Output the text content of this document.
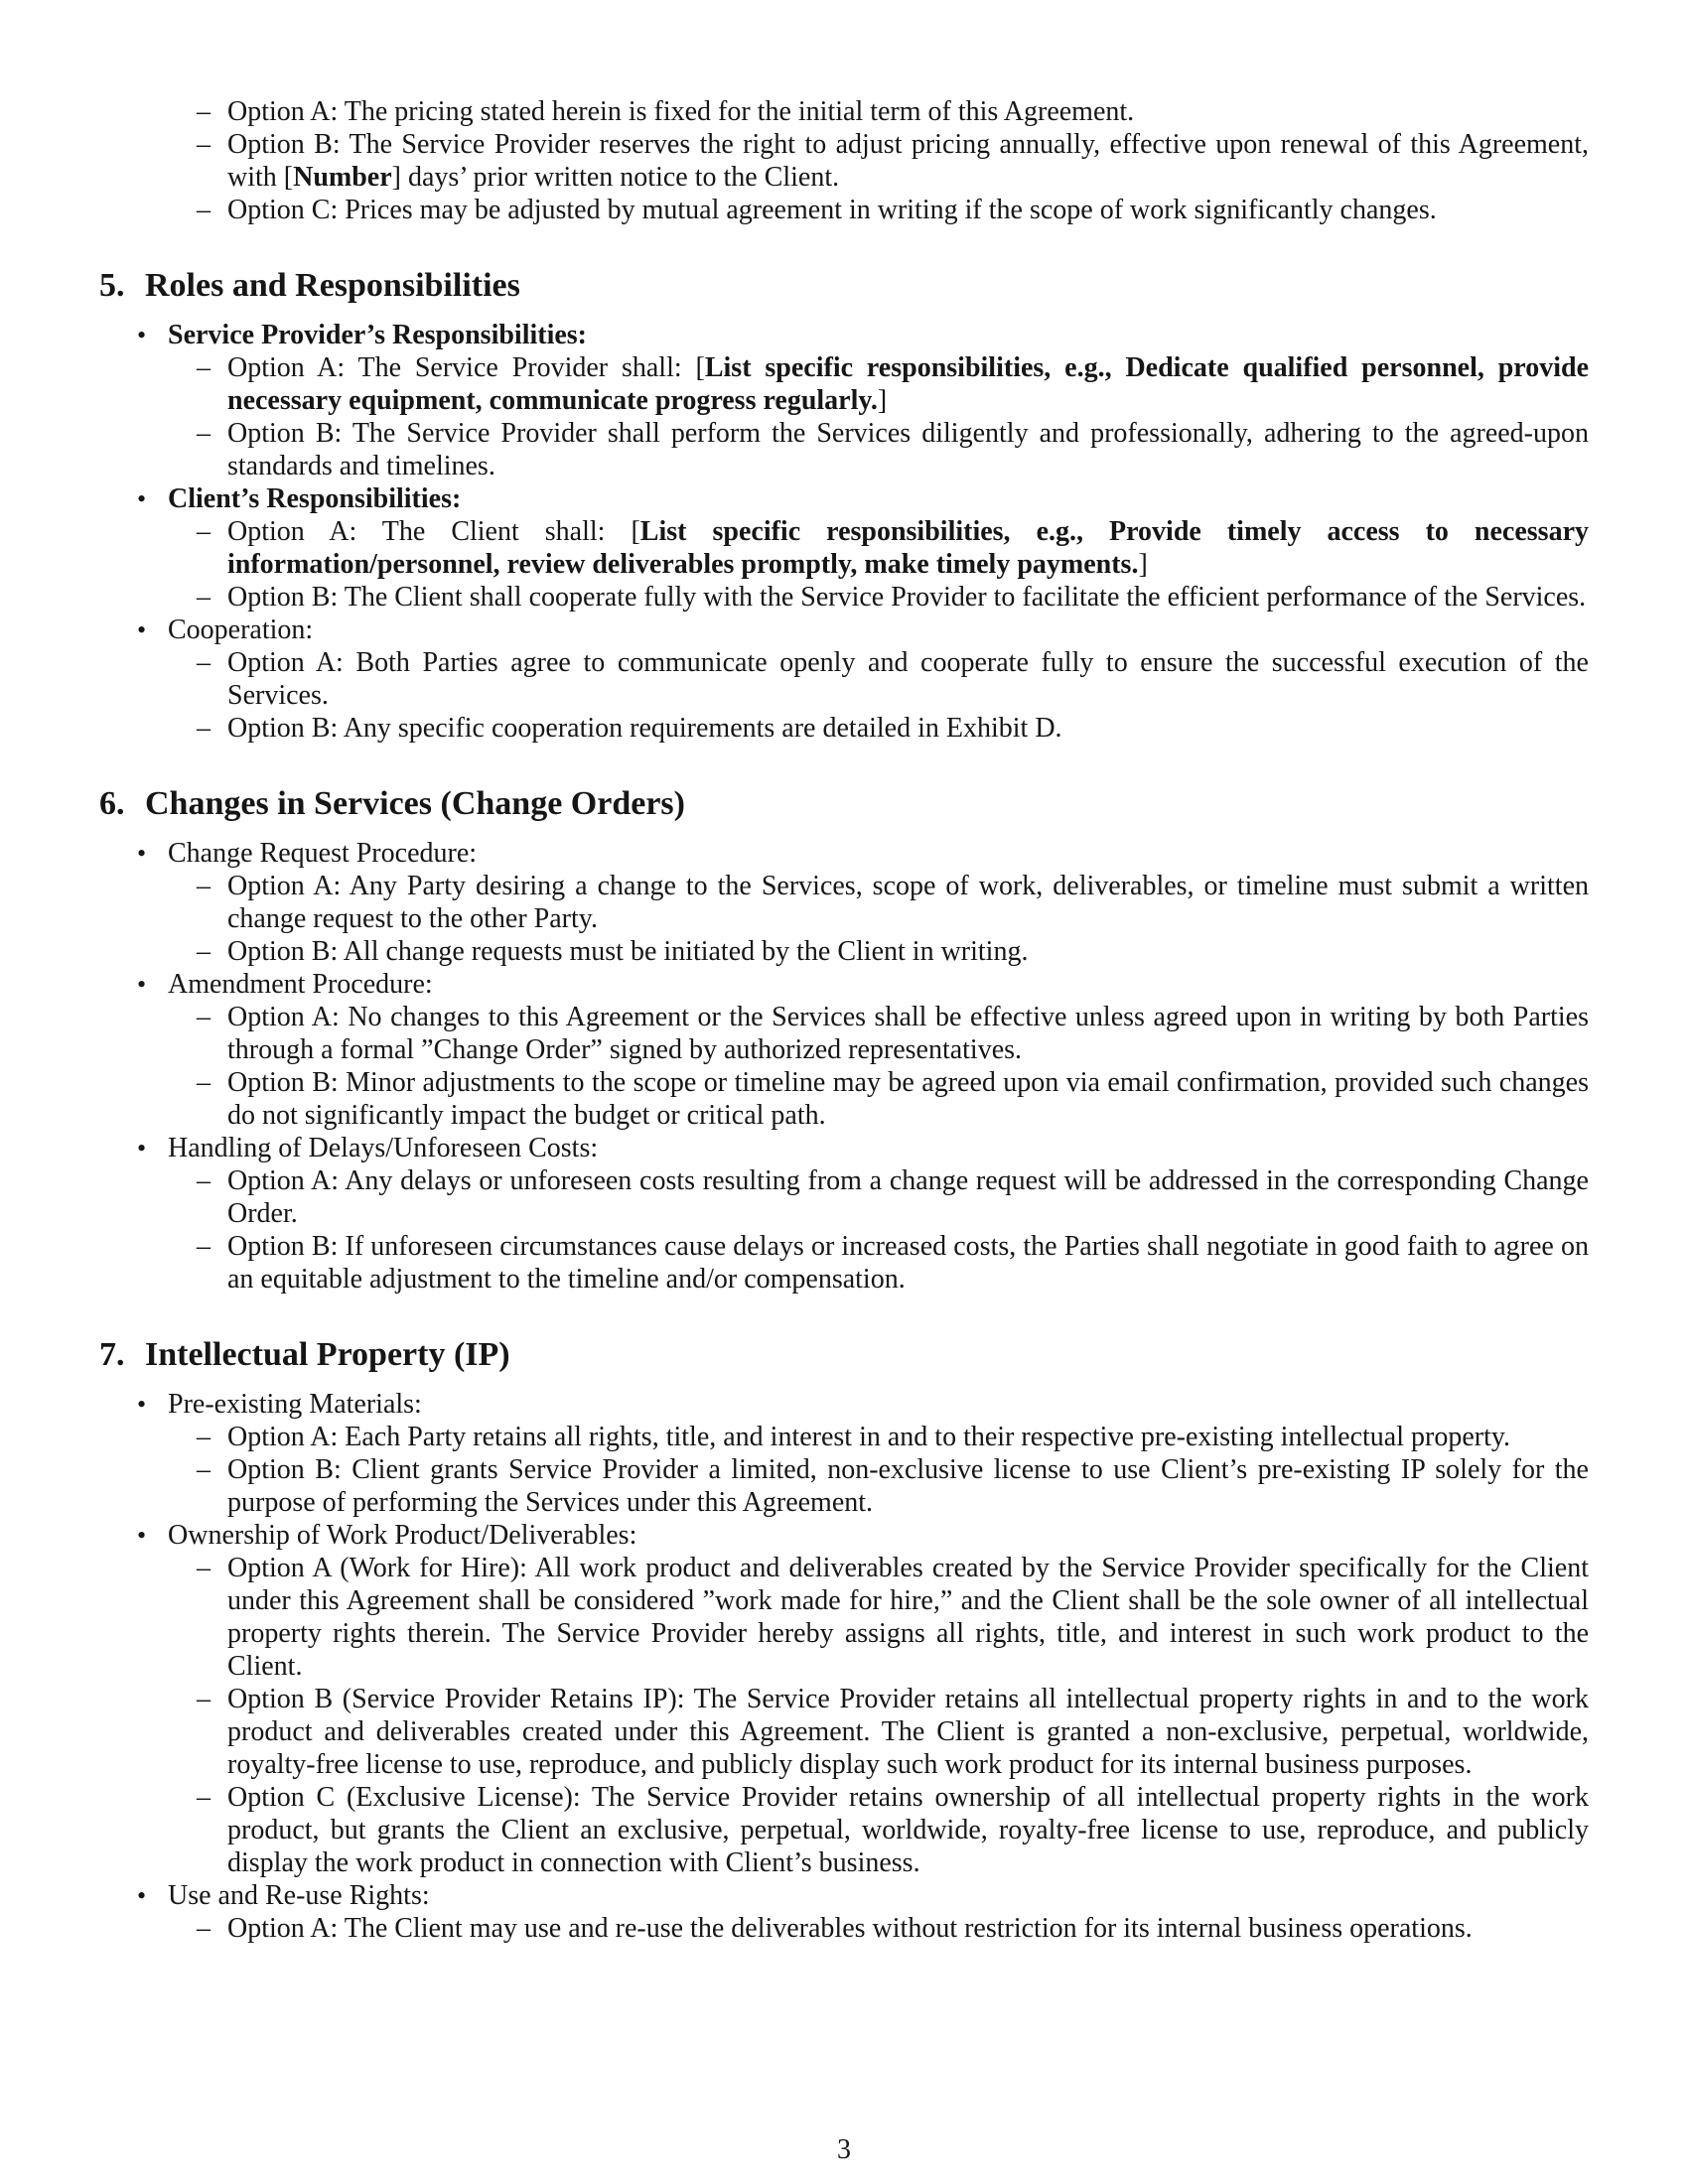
– Option A: The pricing stated herein is fixed for the initial term of this Agreement.
– Option B: The Service Provider reserves the right to adjust pricing annually, effective upon renewal of this Agreement, with [Number] days’ prior written notice to the Client.
– Option C: Prices may be adjusted by mutual agreement in writing if the scope of work significantly changes.
5. Roles and Responsibilities
• Service Provider’s Responsibilities:
– Option A: The Service Provider shall: [List specific responsibilities, e.g., Dedicate qualified personnel, provide necessary equipment, communicate progress regularly.]
– Option B: The Service Provider shall perform the Services diligently and professionally, adhering to the agreed-upon standards and timelines.
• Client’s Responsibilities:
– Option A: The Client shall: [List specific responsibilities, e.g., Provide timely access to necessary information/personnel, review deliverables promptly, make timely payments.]
– Option B: The Client shall cooperate fully with the Service Provider to facilitate the efficient performance of the Services.
• Cooperation:
– Option A: Both Parties agree to communicate openly and cooperate fully to ensure the successful execution of the Services.
– Option B: Any specific cooperation requirements are detailed in Exhibit D.
6. Changes in Services (Change Orders)
• Change Request Procedure:
– Option A: Any Party desiring a change to the Services, scope of work, deliverables, or timeline must submit a written change request to the other Party.
– Option B: All change requests must be initiated by the Client in writing.
• Amendment Procedure:
– Option A: No changes to this Agreement or the Services shall be effective unless agreed upon in writing by both Parties through a formal ”Change Order” signed by authorized representatives.
– Option B: Minor adjustments to the scope or timeline may be agreed upon via email confirmation, provided such changes do not significantly impact the budget or critical path.
• Handling of Delays/Unforeseen Costs:
– Option A: Any delays or unforeseen costs resulting from a change request will be addressed in the corresponding Change Order.
– Option B: If unforeseen circumstances cause delays or increased costs, the Parties shall negotiate in good faith to agree on an equitable adjustment to the timeline and/or compensation.
7. Intellectual Property (IP)
• Pre-existing Materials:
– Option A: Each Party retains all rights, title, and interest in and to their respective pre-existing intellectual property.
– Option B: Client grants Service Provider a limited, non-exclusive license to use Client’s pre-existing IP solely for the purpose of performing the Services under this Agreement.
• Ownership of Work Product/Deliverables:
– Option A (Work for Hire): All work product and deliverables created by the Service Provider specifically for the Client under this Agreement shall be considered ”work made for hire,” and the Client shall be the sole owner of all intellectual property rights therein. The Service Provider hereby assigns all rights, title, and interest in such work product to the Client.
– Option B (Service Provider Retains IP): The Service Provider retains all intellectual property rights in and to the work product and deliverables created under this Agreement. The Client is granted a non-exclusive, perpetual, worldwide, royalty-free license to use, reproduce, and publicly display such work product for its internal business purposes.
– Option C (Exclusive License): The Service Provider retains ownership of all intellectual property rights in the work product, but grants the Client an exclusive, perpetual, worldwide, royalty-free license to use, reproduce, and publicly display the work product in connection with Client’s business.
• Use and Re-use Rights:
– Option A: The Client may use and re-use the deliverables without restriction for its internal business operations.
3
